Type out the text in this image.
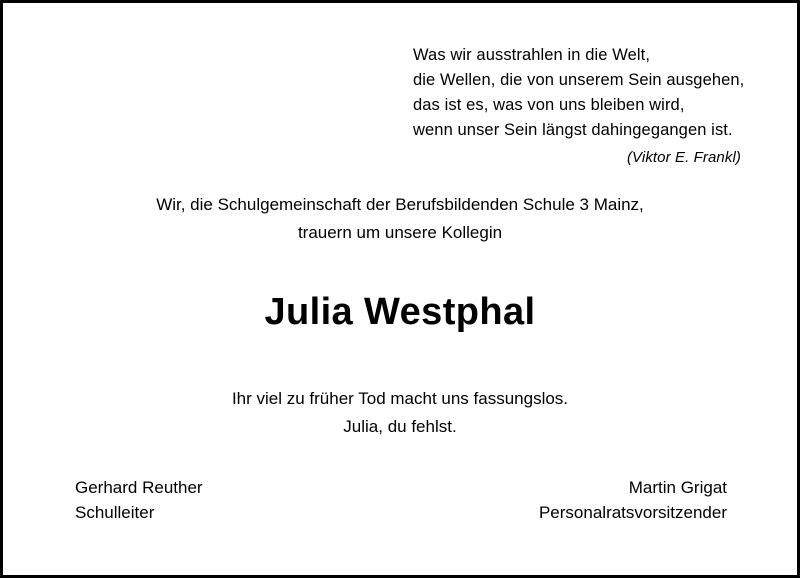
Was wir ausstrahlen in die Welt,
die Wellen, die von unserem Sein ausgehen,
das ist es, was von uns bleiben wird,
wenn unser Sein längst dahingegangen ist.
(Viktor E. Frankl)
Wir, die Schulgemeinschaft der Berufsbildenden Schule 3 Mainz,
trauern um unsere Kollegin
Julia Westphal
Ihr viel zu früher Tod macht uns fassungslos.
Julia, du fehlst.
Gerhard Reuther
Schulleiter
Martin Grigat
Personalratsvorsitzender
